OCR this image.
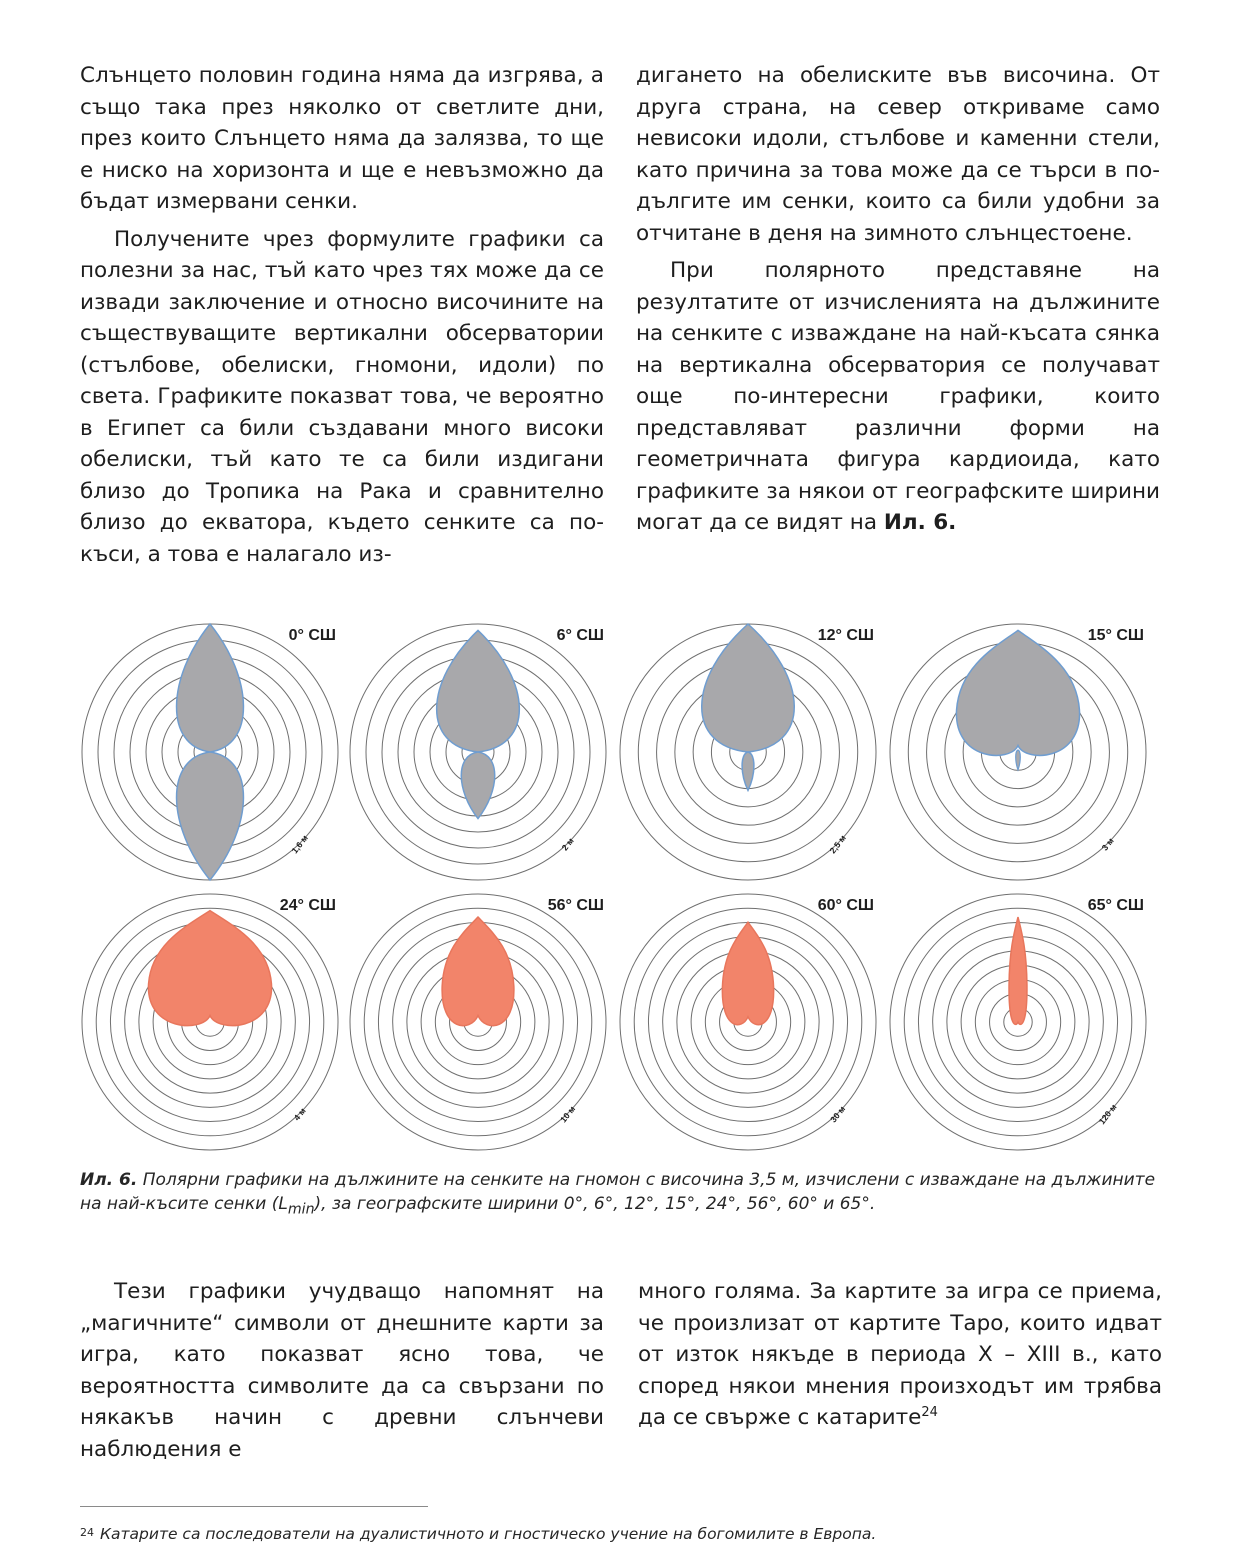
Слънцето половин година няма да изгрява, а също така през няколко от светлите дни, през които Слънцето няма да залязва, то ще е ниско на хоризонта и ще е невъзможно да бъдат измервани сенки.

Получените чрез формулите графики са полезни за нас, тъй като чрез тях може да се извади заключение и относно височините на съществуващите вертикални обсерватории (стълбове, обелиски, гномони, идоли) по света. Графиките показват това, че вероятно в Египет са били създавани много високи обелиски, тъй като те са били издигани близо до Тропика на Рака и сравнително близо до екватора, където сенките са по-къси, а това е налагало из-

дигането на обелиските във височина. От друга страна, на север откриваме само невисоки идоли, стълбове и каменни стели, като причина за това може да се търси в по-дългите им сенки, които са били удобни за отчитане в деня на зимното слънцестоене.

При полярното представяне на резултатите от изчисленията на дължините на сенките с изваждане на най-късата сянка на вертикална обсерватория се получават още по-интересни графики, които представляват различни форми на геометричната фигура кардиоида, като графиките за някои от географските ширини могат да се видят на Ил. 6.

0° СШ
1,6 м
6° СШ
2 м
12° СШ
2,5 м
15° СШ
3 м
24° СШ
4 м
56° СШ
10 м
60° СШ
30 м
65° СШ
120 м
Ил. 6. Полярни графики на дължините на сенките на гномон с височина 3,5 м, изчислени с изваждане на дължините на най-късите сенки $(L_{min})$, за географските ширини 0°, 6°, 12°, 15°, 24°, 56°, 60° и 65°.

Тези графики учудващо напомнят на „магичните“ символи от днешните карти за игра, като показват ясно това, че вероятността символите да са свързани по някакъв начин с древни слънчеви наблюдения е

много голяма. За картите за игра се приема, че произлизат от картите Таро, които идват от изток някъде в периода X – XIII в., като според някои мнения произходът им трябва да се свърже с катарите$^{24}$

24 Катарите са последователи на дуалистичното и гностическо учение на богомилите в Европа.
